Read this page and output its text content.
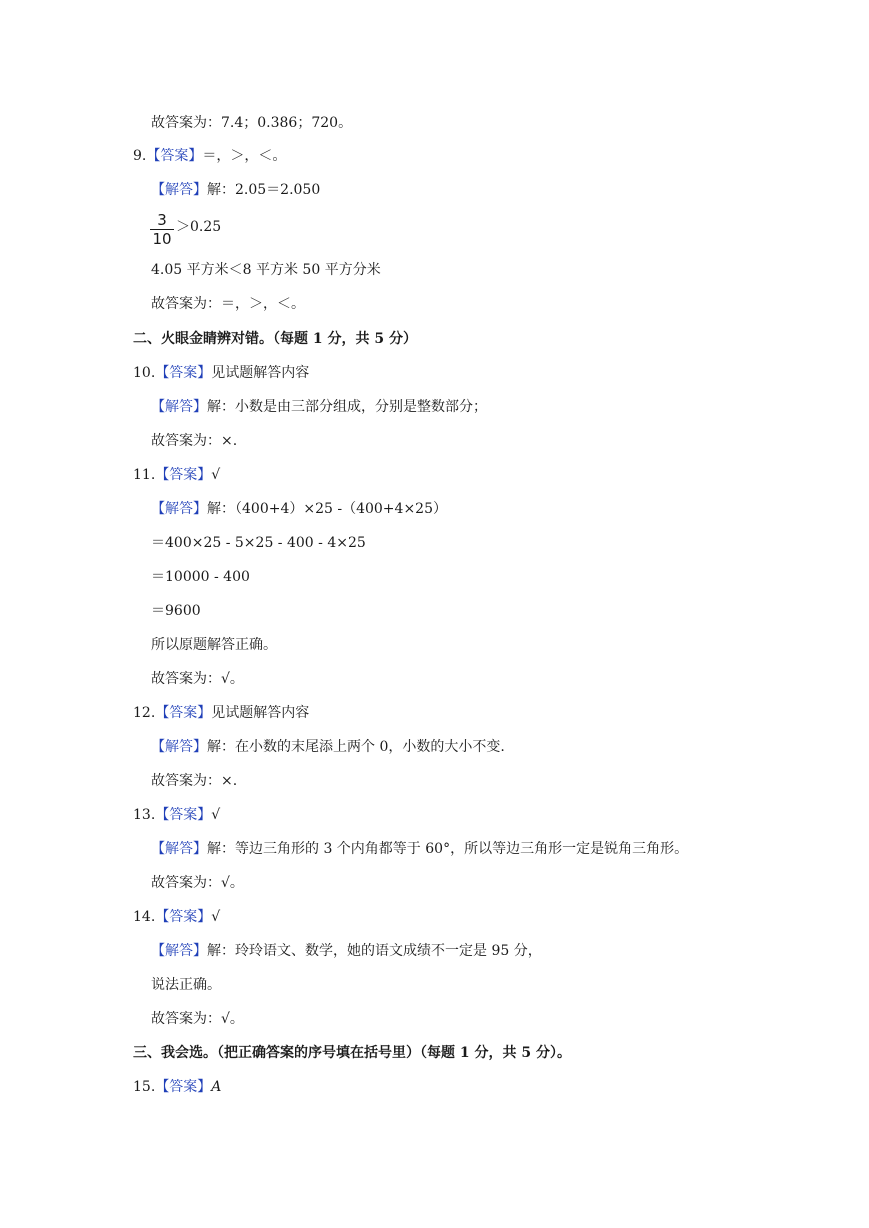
故答案为：7.4；0.386；720。
9.【答案】＝，＞，＜。
【解答】解：2.05＝2.050
3
10
＞0.25
4.05 平方米＜8 平方米 50 平方分米
故答案为：＝，＞，＜。
二、火眼金睛辨对错。（每题 1 分，共 5 分）
10.【答案】见试题解答内容
【解答】解：小数是由三部分组成，分别是整数部分；
故答案为：×.
11.【答案】√
【解答】解：（400+4）×25 -（400+4×25）
＝400×25 - 5×25 - 400 - 4×25
＝10000 - 400
＝9600
所以原题解答正确。
故答案为：√。
12.【答案】见试题解答内容
【解答】解：在小数的末尾添上两个 0，小数的大小不变.
故答案为：×.
13.【答案】√
【解答】解：等边三角形的 3 个内角都等于 60°，所以等边三角形一定是锐角三角形。
故答案为：√。
14.【答案】√
【解答】解：玲玲语文、数学，她的语文成绩不一定是 95 分，
说法正确。
故答案为：√。
三、我会选。（把正确答案的序号填在括号里）（每题 1 分，共 5 分）。
15.【答案】A
